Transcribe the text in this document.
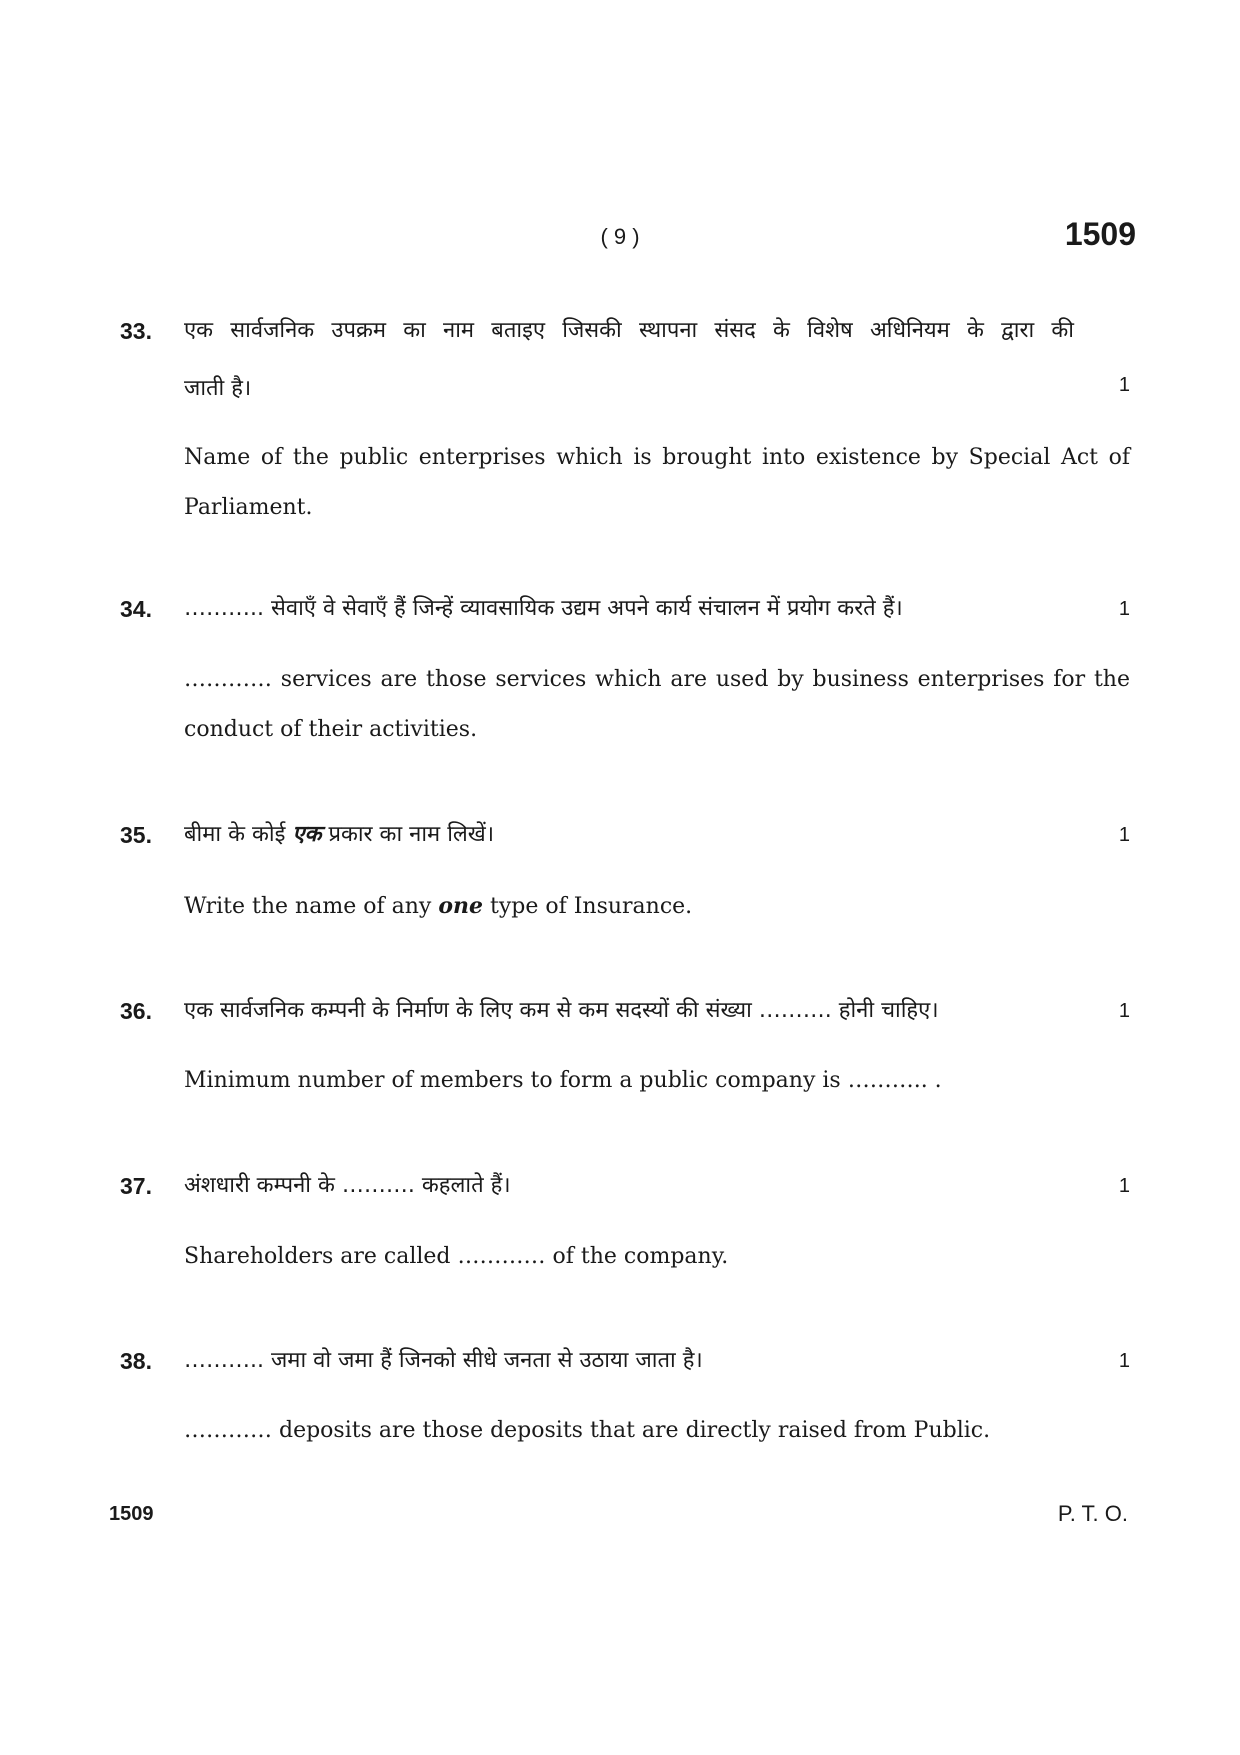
( 9 )	1509
33. एक सार्वजनिक उपक्रम का नाम बताइए जिसकी स्थापना संसद के विशेष अधिनियम के द्वारा की
जाती है।	1
Name of the public enterprises which is brought into existence by Special Act of Parliament.
34. ……….. सेवाएँ वे सेवाएँ हैं जिन्हें व्यावसायिक उद्यम अपने कार्य संचालन में प्रयोग करते हैं।	1
………… services are those services which are used by business enterprises for the conduct of their activities.
35. बीमा के कोई एक प्रकार का नाम लिखें।	1
Write the name of any one type of Insurance.
36. एक सार्वजनिक कम्पनी के निर्माण के लिए कम से कम सदस्यों की संख्या ………. होनी चाहिए।	1
Minimum number of members to form a public company is ……….. .
37. अंशधारी कम्पनी के ………. कहलाते हैं।	1
Shareholders are called ………… of the company.
38. ……….. जमा वो जमा हैं जिनको सीधे जनता से उठाया जाता है।	1
………… deposits are those deposits that are directly raised from Public.
1509	P. T. O.
